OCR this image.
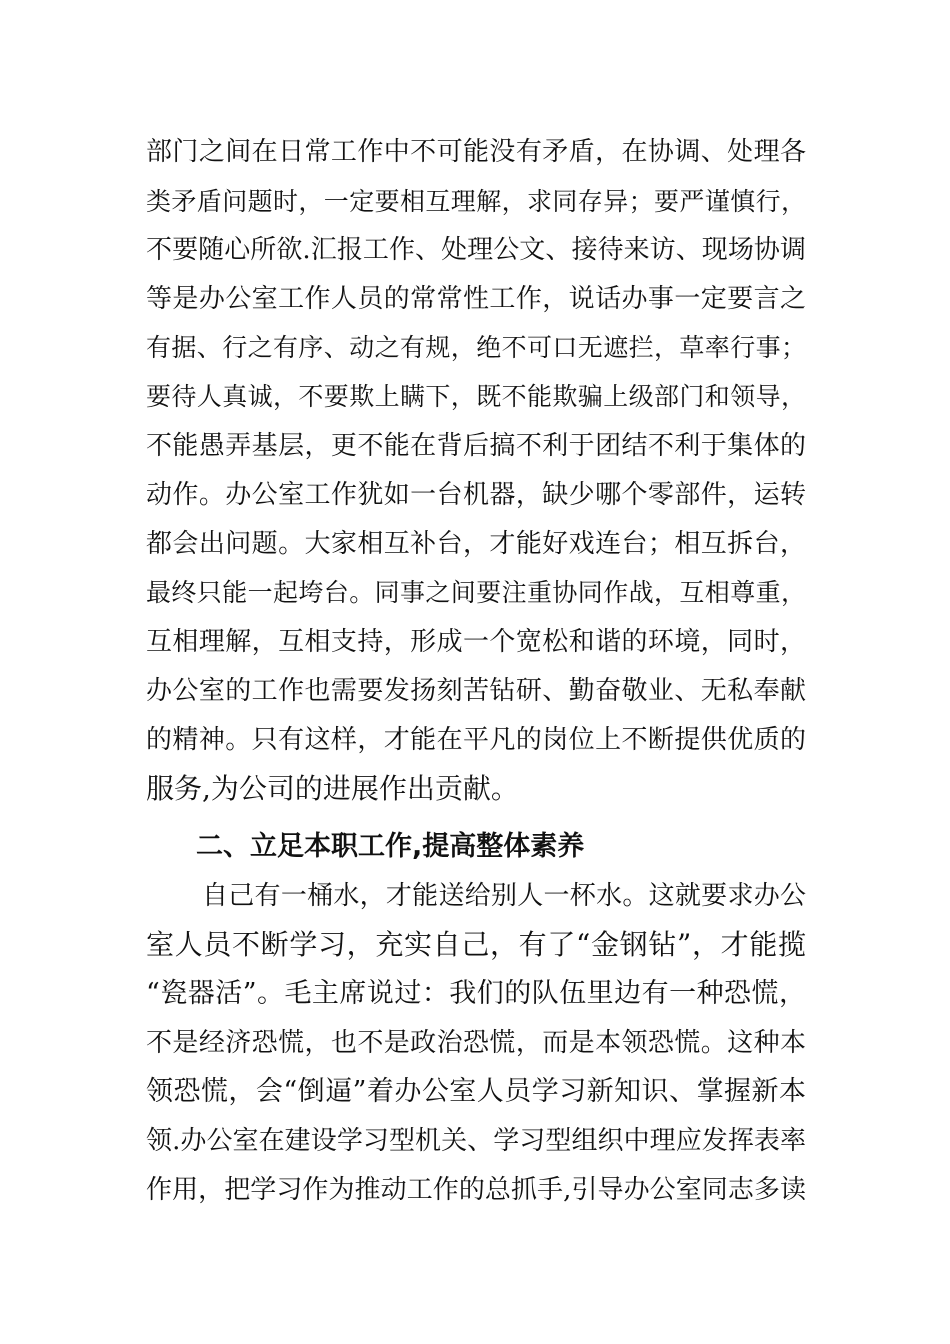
部门之间在日常工作中不可能没有矛盾，在协调、处理各
类矛盾问题时，一定要相互理解，求同存异；要严谨慎行，
不要随心所欲.汇报工作、处理公文、接待来访、现场协调
等是办公室工作人员的常常性工作，说话办事一定要言之
有据、行之有序、动之有规，绝不可口无遮拦，草率行事；
要待人真诚，不要欺上瞒下，既不能欺骗上级部门和领导，
不能愚弄基层，更不能在背后搞不利于团结不利于集体的
动作。办公室工作犹如一台机器，缺少哪个零部件，运转
都会出问题。大家相互补台，才能好戏连台；相互拆台，
最终只能一起垮台。同事之间要注重协同作战，互相尊重，
互相理解，互相支持，形成一个宽松和谐的环境，同时，
办公室的工作也需要发扬刻苦钻研、勤奋敬业、无私奉献
的精神。只有这样，才能在平凡的岗位上不断提供优质的
服务,为公司的进展作出贡献。
二、立足本职工作,提高整体素养
自己有一桶水，才能送给别人一杯水。这就要求办公
室人员不断学习，充实自己，有了“金钢钻”，才能揽
“瓷器活”。毛主席说过：我们的队伍里边有一种恐慌，
不是经济恐慌，也不是政治恐慌，而是本领恐慌。这种本
领恐慌，会“倒逼”着办公室人员学习新知识、掌握新本
领.办公室在建设学习型机关、学习型组织中理应发挥表率
作用，把学习作为推动工作的总抓手,引导办公室同志多读
